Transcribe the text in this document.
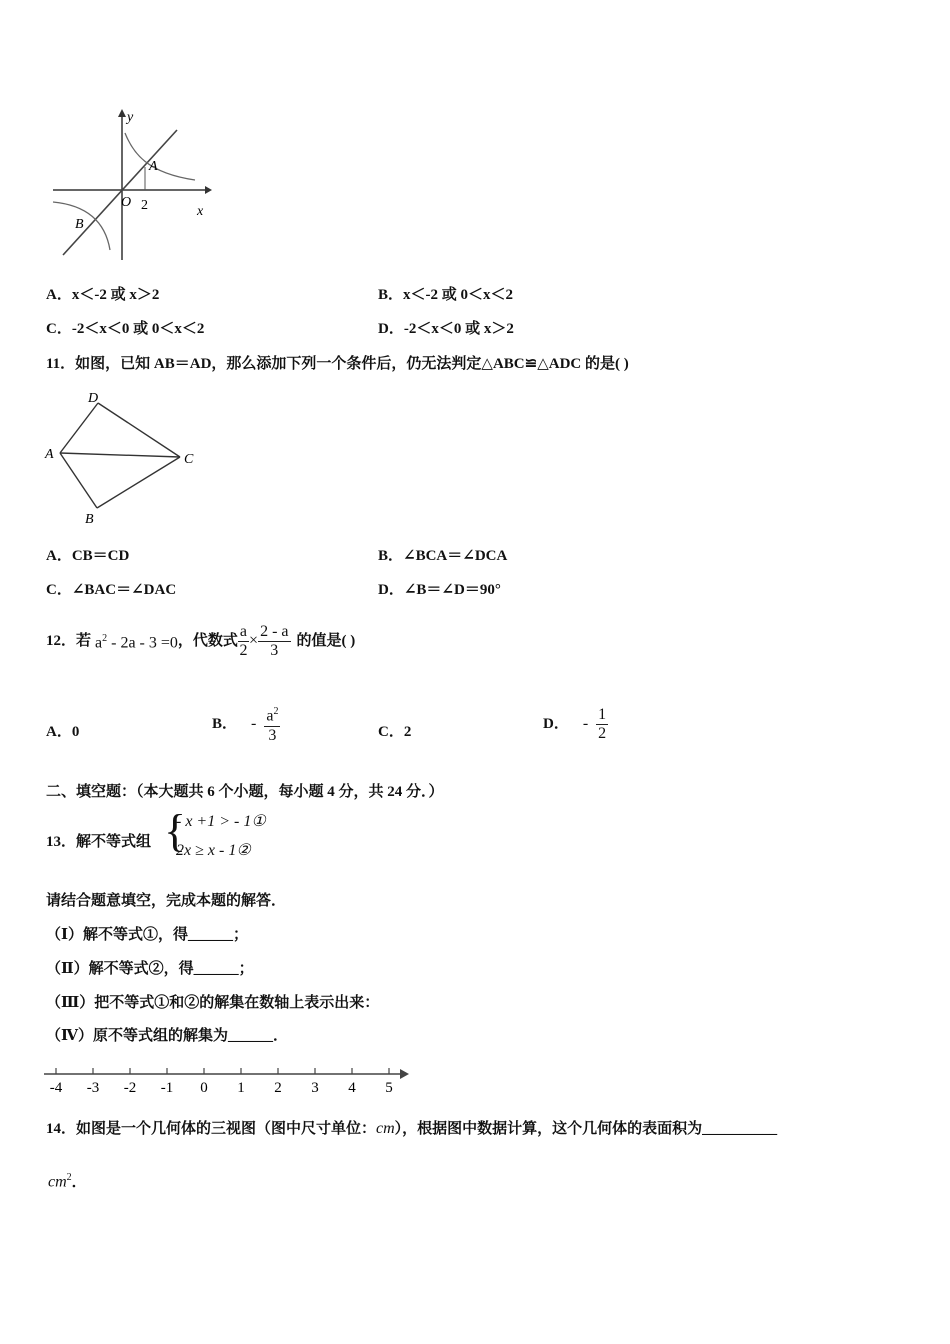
y
x
O 2
A
B
A．x＜-2 或 x＞2	B．x＜-2 或 0＜x＜2
C．-2＜x＜0 或 0＜x＜2	D．-2＜x＜0 或 x＞2
11．如图，已知 AB＝AD，那么添加下列一个条件后，仍无法判定△ABC≌△ADC 的是( )
D
A	C
B
A．CB＝CD	B．∠BCA＝∠DCA
C．∠BAC＝∠DAC	D．∠B＝∠D＝90°
12．若 $a^2 - 2a - 3 =0$ ，代数式 $\frac{a}{2} \times \frac{2 - a}{3}$ 的值是( )
A．0	B． - $\frac{a^2}{3}$	C．2	D． - $\frac{1}{2}$
二、填空题：（本大题共 6 个小题，每小题 4 分，共 24 分．）
13．解不等式组 {
- x +1 > - 1①
2x ≥ x - 1②
请结合题意填空，完成本题的解答．
（Ⅰ）解不等式①，得______；
（Ⅱ）解不等式②，得______；
（Ⅲ）把不等式①和②的解集在数轴上表示出来：
（Ⅳ）原不等式组的解集为______．
-4 -3 -2 -1 0 1 2 3 4 5
14．如图是一个几何体的三视图（图中尺寸单位：cm），根据图中数据计算，这个几何体的表面积为__________
$cm^2$．
